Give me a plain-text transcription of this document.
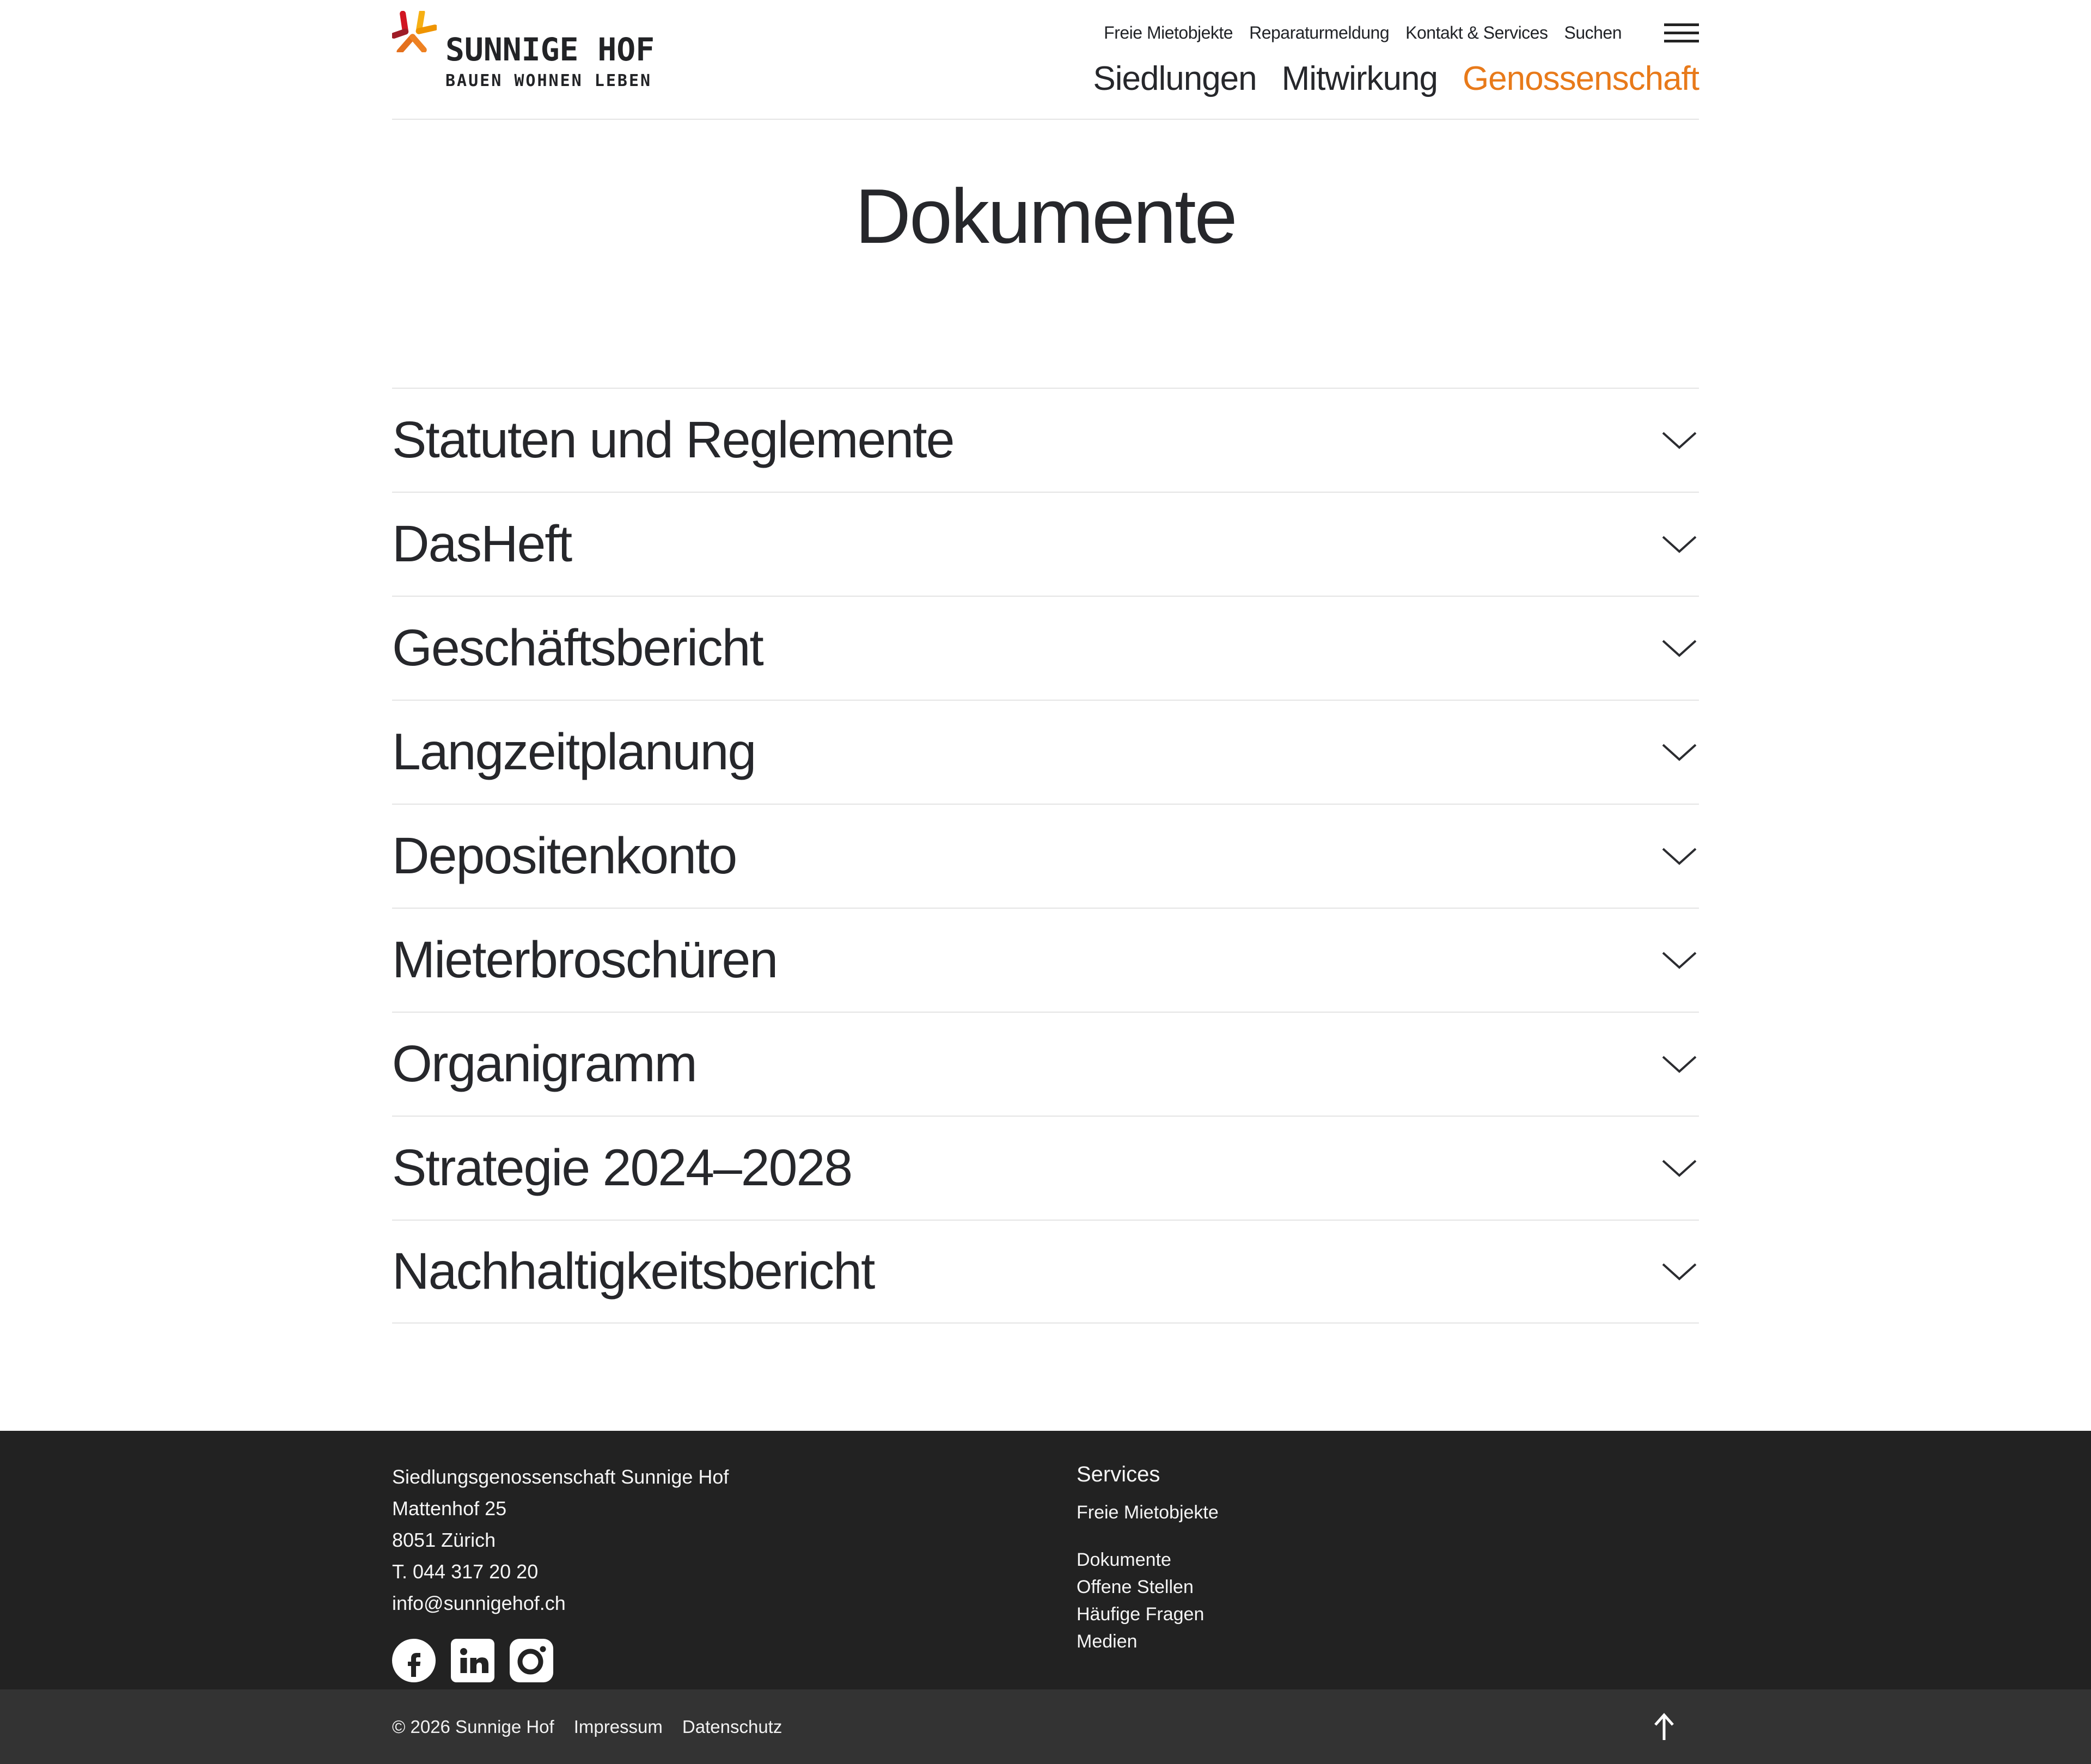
SUNNIGE HOF
BAUEN WOHNEN LEBEN
Freie Mietobjekte Reparaturmeldung Kontakt & Services Suchen
Siedlungen Mitwirkung Genossenschaft
Dokumente
Statuten und Reglemente
DasHeft
Geschäftsbericht
Langzeitplanung
Depositenkonto
Mieterbroschüren
Organigramm
Strategie 2024–2028
Nachhaltigkeitsbericht
Siedlungsgenossenschaft Sunnige Hof
Mattenhof 25
8051 Zürich
T. 044 317 20 20
info@sunnigehof.ch
Services
Freie Mietobjekte
Dokumente
Offene Stellen
Häufige Fragen
Medien
© 2026 Sunnige Hof Impressum Datenschutz
